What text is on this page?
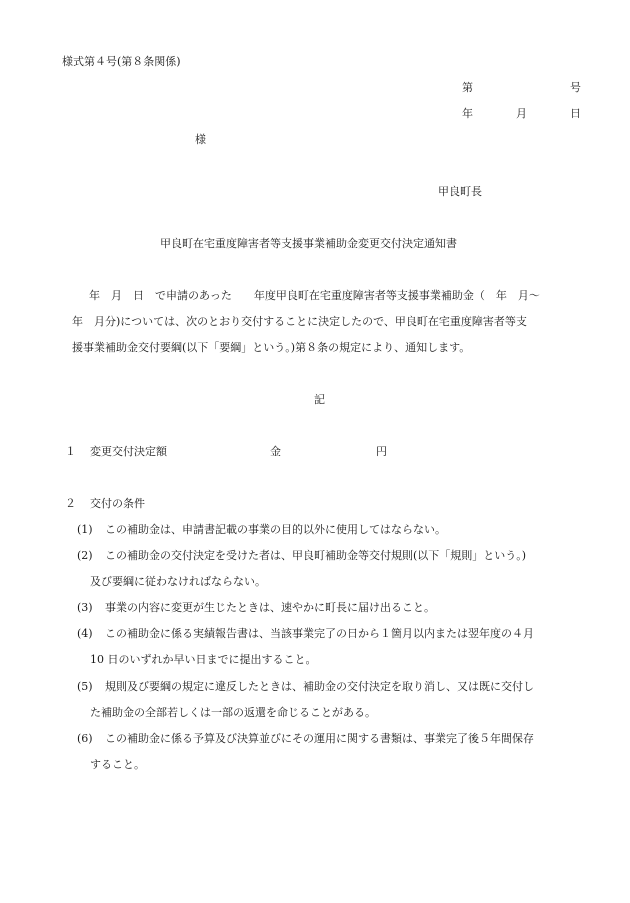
様式第４号(第８条関係)
第	号
年	月	日
様
甲良町長
甲良町在宅重度障害者等支援事業補助金変更交付決定通知書
年　月　日　で申請のあった　　年度甲良町在宅重度障害者等支援事業補助金（　年　月～
年　月分)については、次のとおり交付することに決定したので、甲良町在宅重度障害者等支
援事業補助金交付要綱(以下「要綱」という。)第８条の規定により、通知します。
記
１ 変更交付決定額	金	円
２ 交付の条件
(1) この補助金は、申請書記載の事業の目的以外に使用してはならない。
(2) この補助金の交付決定を受けた者は、甲良町補助金等交付規則(以下「規則」という。)
及び要綱に従わなければならない。
(3) 事業の内容に変更が生じたときは、速やかに町長に届け出ること。
(4) この補助金に係る実績報告書は、当該事業完了の日から１箇月以内または翌年度の４月
10 日のいずれか早い日までに提出すること。
(5) 規則及び要綱の規定に違反したときは、補助金の交付決定を取り消し、又は既に交付し
た補助金の全部若しくは一部の返還を命じることがある。
(6) この補助金に係る予算及び決算並びにその運用に関する書類は、事業完了後５年間保存
すること。
